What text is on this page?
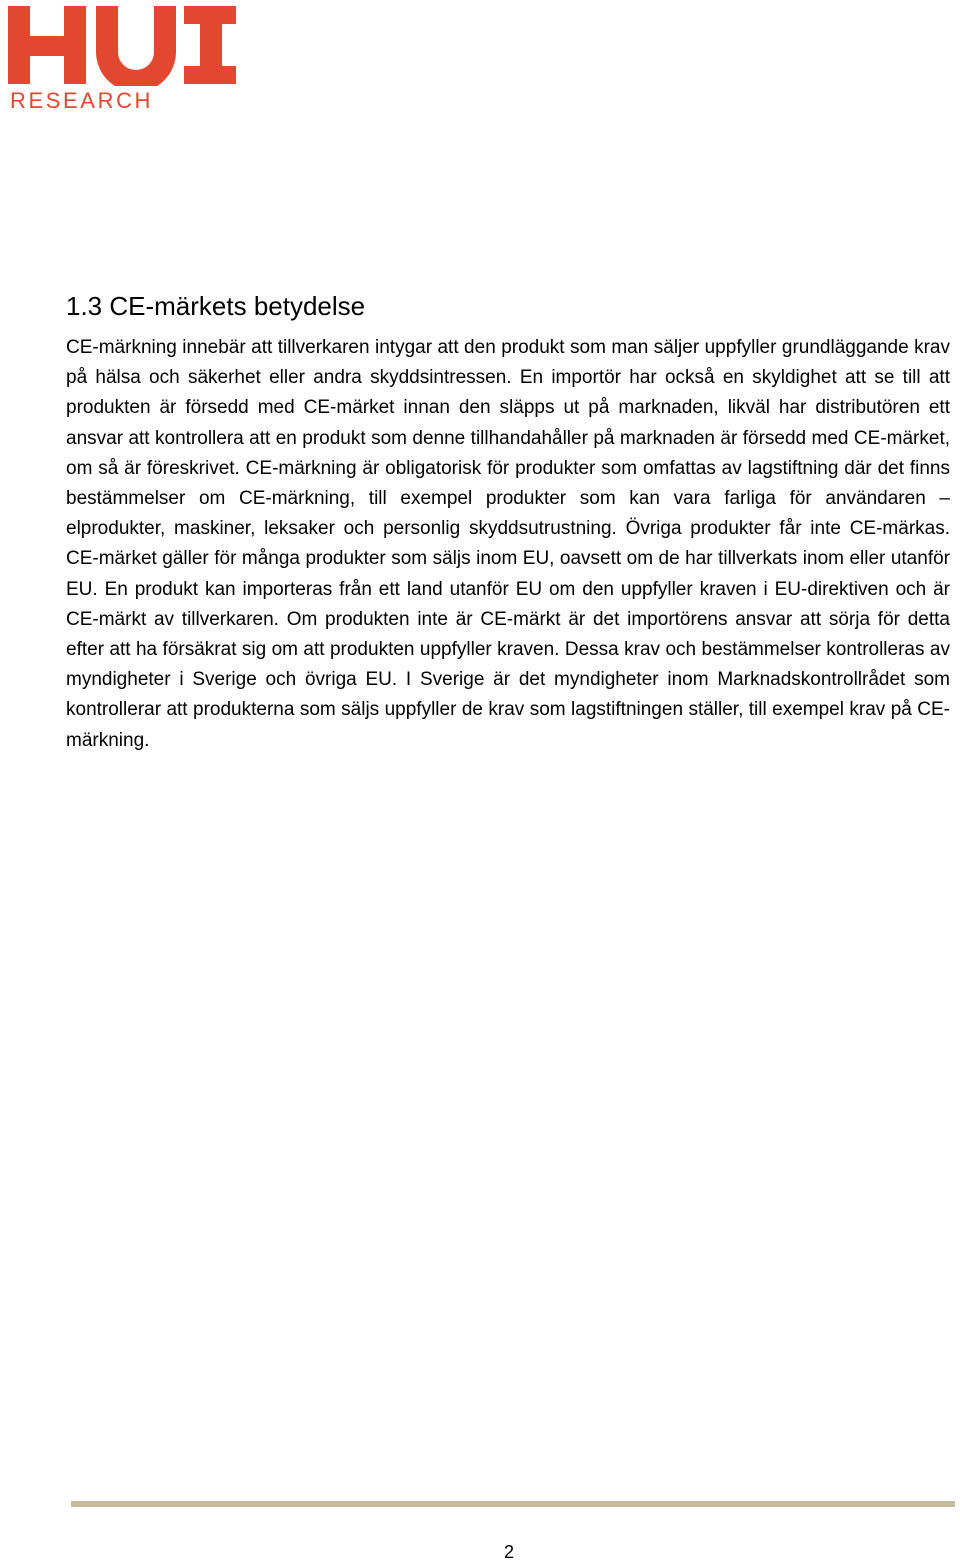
RESEARCH
1.3 CE-märkets betydelse

CE-märkning innebär att tillverkaren intygar att den produkt som man säljer uppfyller grundläggande krav på hälsa och säkerhet eller andra skyddsintressen. En importör har också en skyldighet att se till att produkten är försedd med CE-märket innan den släpps ut på marknaden, likväl har distributören ett ansvar att kontrollera att en produkt som denne tillhandahåller på marknaden är försedd med CE-märket, om så är föreskrivet. CE-märkning är obligatorisk för produkter som omfattas av lagstiftning där det finns bestämmelser om CE-märkning, till exempel produkter som kan vara farliga för användaren – elprodukter, maskiner, leksaker och personlig skyddsutrustning. Övriga produkter får inte CE-märkas. CE-märket gäller för många produkter som säljs inom EU, oavsett om de har tillverkats inom eller utanför EU. En produkt kan importeras från ett land utanför EU om den uppfyller kraven i EU-direktiven och är CE-märkt av tillverkaren. Om produkten inte är CE-märkt är det importörens ansvar att sörja för detta efter att ha försäkrat sig om att produkten uppfyller kraven. Dessa krav och bestämmelser kontrolleras av myndigheter i Sverige och övriga EU. I Sverige är det myndigheter inom Marknadskontrollrådet som kontrollerar att produkterna som säljs uppfyller de krav som lagstiftningen ställer, till exempel krav på CE-märkning.

2
